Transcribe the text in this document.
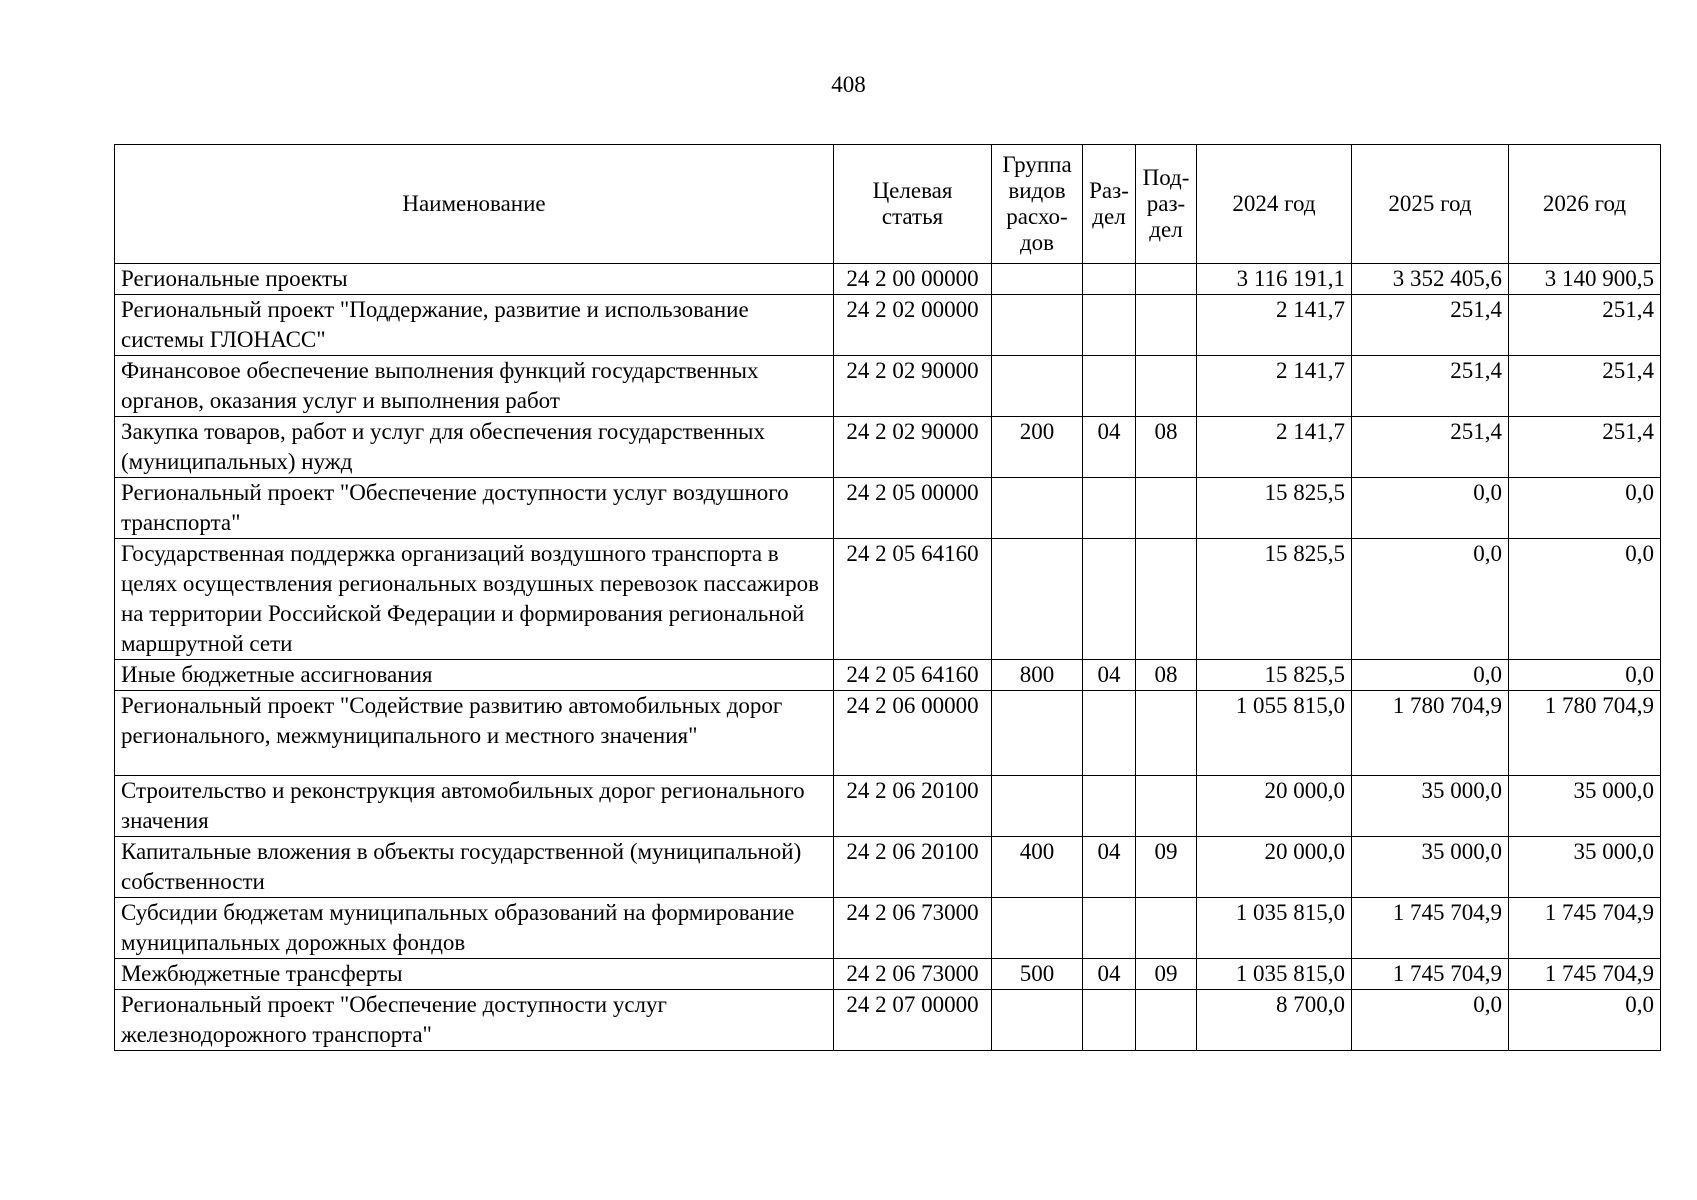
408
Наименование	Целевая статья	Группа видов расхо-дов	Раз-дел	Под-раз-дел	2024 год	2025 год	2026 год
Региональные проекты	24 2 00 00000				3 116 191,1	3 352 405,6	3 140 900,5
Региональный проект "Поддержание, развитие и использование системы ГЛОНАСС"	24 2 02 00000				2 141,7	251,4	251,4
Финансовое обеспечение выполнения функций государственных органов, оказания услуг и выполнения работ	24 2 02 90000				2 141,7	251,4	251,4
Закупка товаров, работ и услуг для обеспечения государственных (муниципальных) нужд	24 2 02 90000	200	04	08	2 141,7	251,4	251,4
Региональный проект "Обеспечение доступности услуг воздушного транспорта"	24 2 05 00000				15 825,5	0,0	0,0
Государственная поддержка организаций воздушного транспорта в целях осуществления региональных воздушных перевозок пассажиров на территории Российской Федерации и формирования региональной маршрутной сети	24 2 05 64160				15 825,5	0,0	0,0
Иные бюджетные ассигнования	24 2 05 64160	800	04	08	15 825,5	0,0	0,0
Региональный проект "Содействие развитию автомобильных дорог регионального, межмуниципального и местного значения"	24 2 06 00000				1 055 815,0	1 780 704,9	1 780 704,9
Строительство и реконструкция автомобильных дорог регионального значения	24 2 06 20100				20 000,0	35 000,0	35 000,0
Капитальные вложения в объекты государственной (муниципальной) собственности	24 2 06 20100	400	04	09	20 000,0	35 000,0	35 000,0
Субсидии бюджетам муниципальных образований на формирование муниципальных дорожных фондов	24 2 06 73000				1 035 815,0	1 745 704,9	1 745 704,9
Межбюджетные трансферты	24 2 06 73000	500	04	09	1 035 815,0	1 745 704,9	1 745 704,9
Региональный проект "Обеспечение доступности услуг железнодорожного транспорта"	24 2 07 00000				8 700,0	0,0	0,0
